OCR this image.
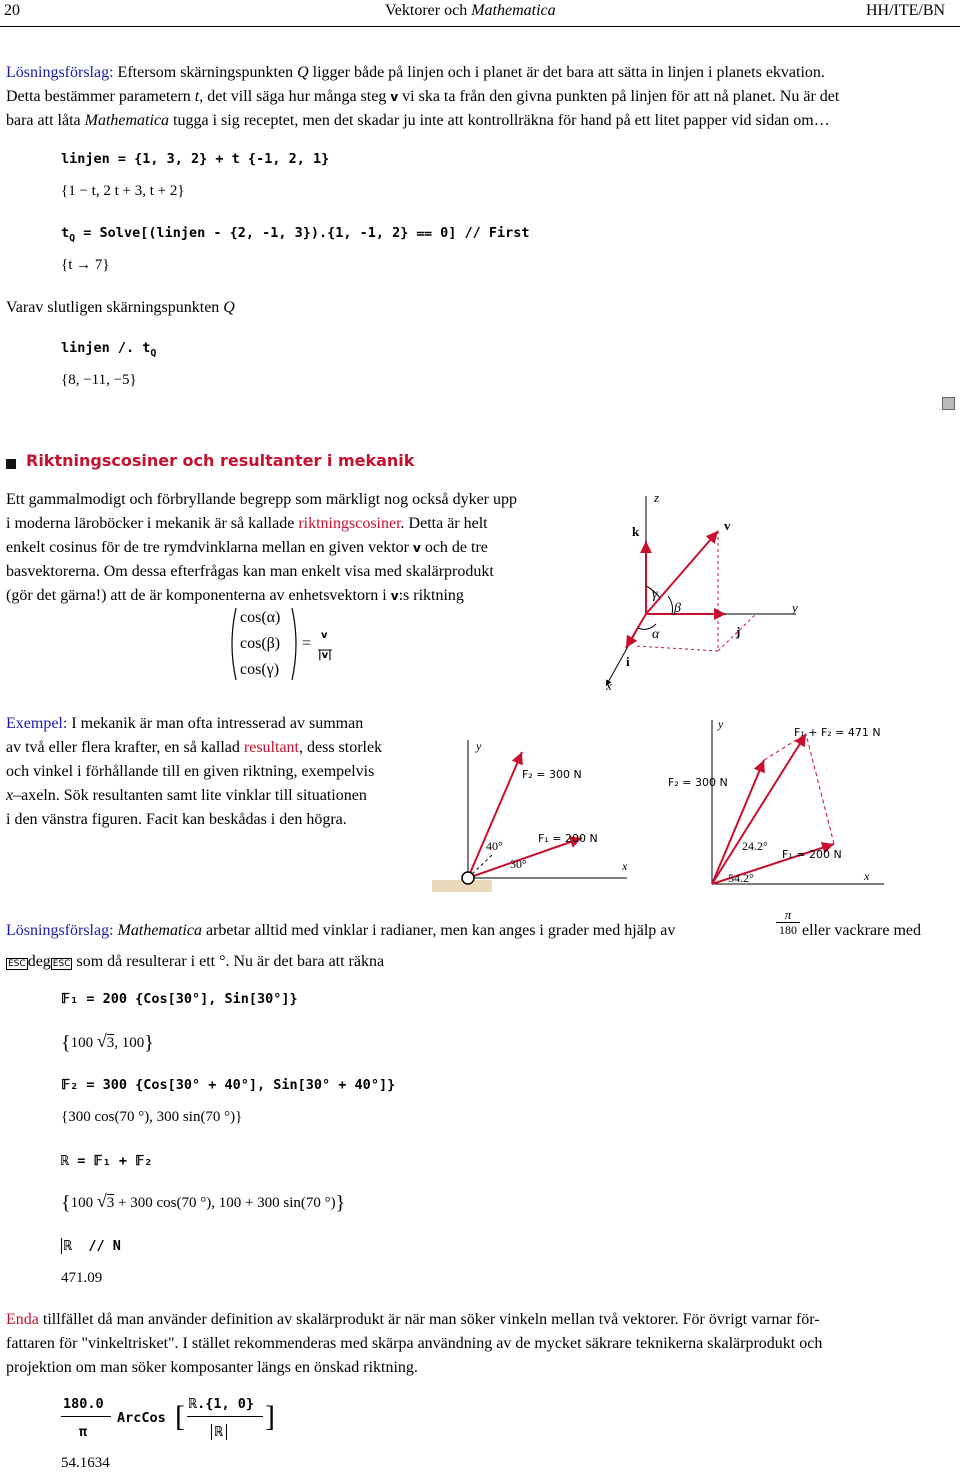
20	Vektorer och Mathematica	HH/ITE/BN
Lösningsförslag: Eftersom skärningspunkten Q ligger både på linjen och i planet är det bara att sätta in linjen i planets ekvation.
Detta bestämmer parametern t, det vill säga hur många steg v vi ska ta från den givna punkten på linjen för att nå planet. Nu är det
bara att låta Mathematica tugga i sig receptet, men det skadar ju inte att kontrollräkna för hand på ett litet papper vid sidan om…
linjen = {1, 3, 2} + t {-1, 2, 1}
{1 − t, 2 t + 3, t + 2}
$t_Q$ = Solve[(linjen - {2, -1, 3}).{1, -1, 2} ⩵ 0] // First
{t → 7}
Varav slutligen skärningspunkten Q
linjen /. $t_Q$
{8, −11, −5}
Riktningscosiner och resultanter i mekanik
Ett gammalmodigt och förbryllande begrepp som märkligt nog också dyker upp
i moderna läroböcker i mekanik är så kallade riktningscosiner. Detta är helt
enkelt cosinus för de tre rymdvinklarna mellan en given vektor v och de tre
basvektorerna. Om dessa efterfrågas kan man enkelt visa med skalärprodukt
(gör det gärna!) att de är komponenterna av enhetsvektorn i v:s riktning
cos(α)
cos(β)
cos(γ)
= v
|v|
z
k	v
y
j
i
x
γ
β
α
Exempel: I mekanik är man ofta intresserad av summan
av två eller flera krafter, en så kallad resultant, dess storlek
och vinkel i förhållande till en given riktning, exempelvis
x–axeln. Sök resultanten samt lite vinklar till situationen
i den vänstra figuren. Facit kan beskådas i den högra.
y
x
F₂ = 300 N
F₁ = 200 N
40°
30°
y
x
F₁ + F₂ = 471 N
F₂ = 300 N
F₁ = 200 N
24.2°
54.2°
Lösningsförslag: Mathematica arbetar alltid med vinklar i radianer, men kan anges i grader med hjälp av	$\frac{\pi}{180}$ eller vackrare med
ESC deg ESC som då resulterar i ett °. Nu är det bara att räkna
𝔽₁ = 200 {Cos[30°], Sin[30°]}
{100 √3, 100}
𝔽₂ = 300 {Cos[30° + 40°], Sin[30° + 40°]}
{300 cos(70 °), 300 sin(70 °)}
ℝ = 𝔽₁ + 𝔽₂
{100 √3 + 300 cos(70 °), 100 + 300 sin(70 °)}
ℝ  // N
471.09
Enda tillfället då man använder definition av skalärprodukt är när man söker vinkeln mellan två vektorer. För övrigt varnar för-
fattaren för "vinkeltrisket". I stället rekommenderas med skärpa användning av de mycket säkrare teknikerna skalärprodukt och
projektion om man söker komposanter längs en önskad riktning.
180.0
π
ArcCos [ ℝ.{1, 0}
ℝ ]
54.1634
